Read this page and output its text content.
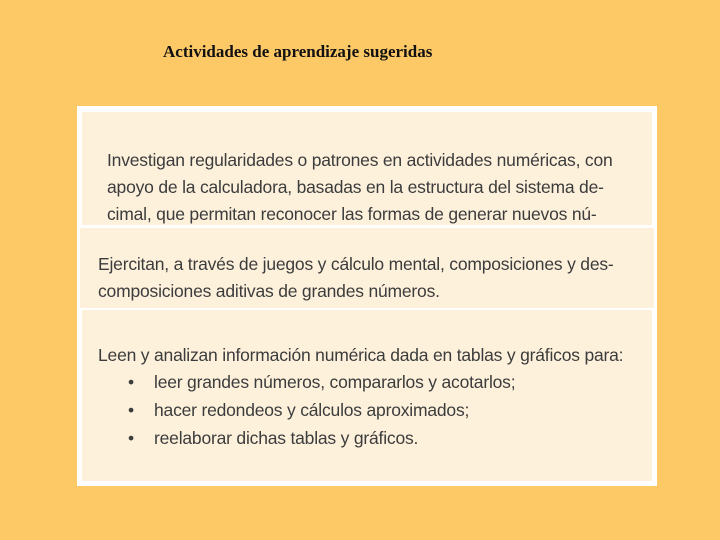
Actividades de aprendizaje sugeridas

Investigan regularidades o patrones en actividades numéricas, con apoyo de la calculadora, basadas en la estructura del sistema de-cimal, que permitan reconocer las formas de generar nuevos nú-

Leen y analizan información numérica dada en tablas y gráficos para:

• leer grandes números, compararlos y acotarlos;
• hacer redondeos y cálculos aproximados;
• reelaborar dichas tablas y gráficos.

Ejercitan, a través de juegos y cálculo mental, composiciones y des-composiciones aditivas de grandes números.
